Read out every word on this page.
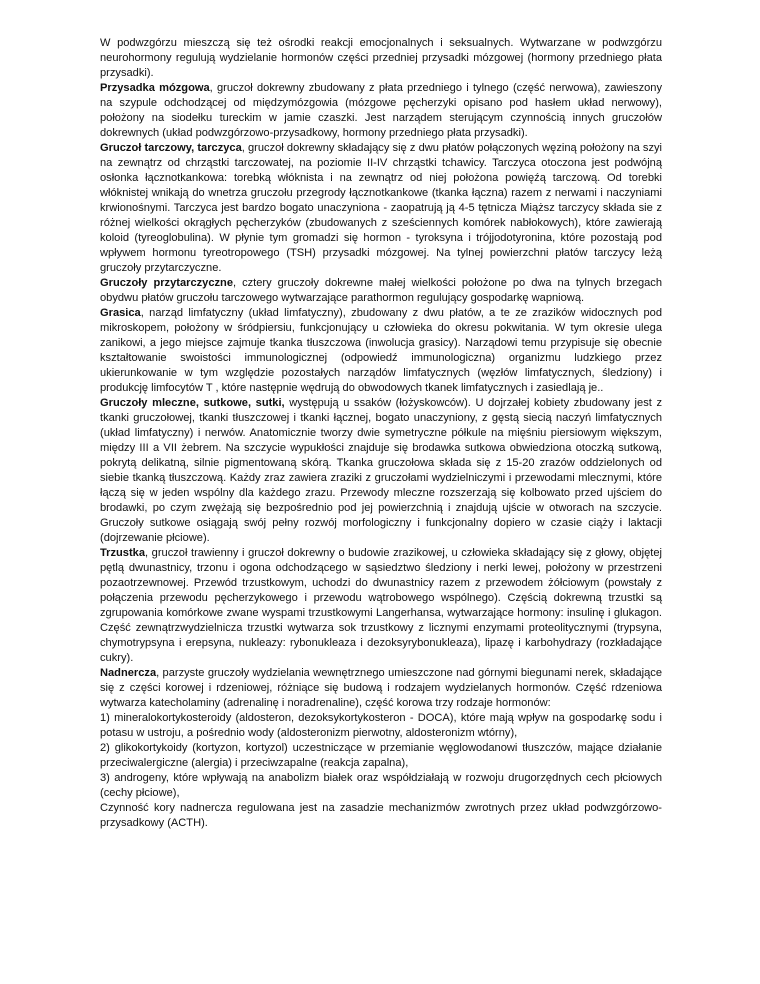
W podwzgórzu mieszczą się też ośrodki reakcji emocjonalnych i seksualnych. Wytwarzane w podwzgórzu neurohormony regulują wydzielanie hormonów części przedniej przysadki mózgowej (hormony przedniego płata przysadki).

Przysadka mózgowa, gruczoł dokrewny zbudowany z płata przedniego i tylnego (część nerwowa), zawieszony na szypule odchodzącej od międzymózgowia (mózgowe pęcherzyki opisano pod hasłem układ nerwowy), położony na siodełku tureckim w jamie czaszki. Jest narządem sterującym czynnością innych gruczołów dokrewnych (układ podwzgórzowo-przysadkowy, hormony przedniego płata przysadki).

Gruczoł tarczowy, tarczyca, gruczoł dokrewny składający się z dwu płatów połączonych węziną położony na szyi na zewnątrz od chrząstki tarczowatej, na poziomie II-IV chrząstki tchawicy. Tarczyca otoczona jest podwójną osłonka łącznotkankowa: torebką włóknista i na zewnątrz od niej położona powięźą tarczową. Od torebki włóknistej wnikają do wnetrza gruczołu przegrody łącznotkankowe (tkanka łączna) razem z nerwami i naczyniami krwionośnymi. Tarczyca jest bardzo bogato unaczyniona - zaopatrują ją 4-5 tętnicza Miąższ tarczycy składa sie z różnej wielkości okrągłych pęcherzyków (zbudowanych z sześciennych komórek nabłokowych), które zawierają koloid (tyreoglobulina). W płynie tym gromadzi się hormon - tyroksyna i trójjodotyronina, które pozostają pod wpływem hormonu tyreotropowego (TSH) przysadki mózgowej. Na tylnej powierzchni płatów tarczycy leżą gruczoły przytarczyczne.

Gruczoły przytarczyczne, cztery gruczoły dokrewne małej wielkości położone po dwa na tylnych brzegach obydwu płatów gruczołu tarczowego wytwarzające parathormon regulujący gospodarkę wapniową.

Grasica, narząd limfatyczny (układ limfatyczny), zbudowany z dwu płatów, a te ze zrazików widocznych pod mikroskopem, położony w śródpiersiu, funkcjonujący u człowieka do okresu pokwitania. W tym okresie ulega zanikowi, a jego miejsce zajmuje tkanka tłuszczowa (inwolucja grasicy). Narządowi temu przypisuje się obecnie kształtowanie swoistości immunologicznej (odpowiedź immunologiczna) organizmu ludzkiego przez ukierunkowanie w tym względzie pozostałych narządów limfatycznych (węzłów limfatycznych, śledziony) i produkcję limfocytów T , które następnie wędrują do obwodowych tkanek limfatycznych i zasiedlają je..

Gruczoły mleczne, sutkowe, sutki, występują u ssaków (łożyskowców). U dojrzałej kobiety zbudowany jest z tkanki gruczołowej, tkanki tłuszczowej i tkanki łącznej, bogato unaczyniony, z gęstą siecią naczyń limfatycznych (układ limfatyczny) i nerwów. Anatomicznie tworzy dwie symetryczne półkule na mięśniu piersiowym większym, między III a VII żebrem. Na szczycie wypukłości znajduje się brodawka sutkowa obwiedziona otoczką sutkową, pokrytą delikatną, silnie pigmentowaną skórą. Tkanka gruczołowa składa się z 15-20 zrazów oddzielonych od siebie tkanką tłuszczową. Każdy zraz zawiera zraziki z gruczołami wydzielniczymi i przewodami mlecznymi, które łączą się w jeden wspólny dla każdego zrazu. Przewody mleczne rozszerzają się kolbowato przed ujściem do brodawki, po czym zwężają się bezpośrednio pod jej powierzchnią i znajdują ujście w otworach na szczycie. Gruczoły sutkowe osiągają swój pełny rozwój morfologiczny i funkcjonalny dopiero w czasie ciąży i laktacji (dojrzewanie płciowe).

Trzustka, gruczoł trawienny i gruczoł dokrewny o budowie zrazikowej, u człowieka składający się z głowy, objętej pętlą dwunastnicy, trzonu i ogona odchodzącego w sąsiedztwo śledziony i nerki lewej, położony w przestrzeni pozaotrzewnowej. Przewód trzustkowym, uchodzi do dwunastnicy razem z przewodem żółciowym (powstały z połączenia przewodu pęcherzykowego i przewodu wątrobowego wspólnego). Częścią dokrewną trzustki są zgrupowania komórkowe zwane wyspami trzustkowymi Langerhansa, wytwarzające hormony: insulinę i glukagon. Część zewnątrzwydzielnicza trzustki wytwarza sok trzustkowy z licznymi enzymami proteolitycznymi (trypsyna, chymotrypsyna i erepsyna, nukleazy: rybonukleaza i dezoksyrybonukleaza), lipazę i karbohydrazy (rozkładające cukry).

Nadnercza, parzyste gruczoły wydzielania wewnętrznego umieszczone nad górnymi biegunami nerek, składające się z części korowej i rdzeniowej, różniące się budową i rodzajem wydzielanych hormonów. Część rdzeniowa wytwarza katecholaminy (adrenalinę i noradrenaline), część korowa trzy rodzaje hormonów:

1) mineralokortykosteroidy (aldosteron, dezoksykortykosteron - DOCA), które mają wpływ na gospodarkę sodu i potasu w ustroju, a pośrednio wody (aldosteronizm pierwotny, aldosteronizm wtórny),

2) glikokortykoidy (kortyzon, kortyzol) uczestniczące w przemianie węglowodanowi tłuszczów, mające działanie przeciwalergiczne (alergia) i przeciwzapalne (reakcja zapalna),

3) androgeny, które wpływają na anabolizm białek oraz współdziałają w rozwoju drugorzędnych cech płciowych (cechy płciowe),

Czynność kory nadnercza regulowana jest na zasadzie mechanizmów zwrotnych przez układ podwzgórzowo-przysadkowy (ACTH).
